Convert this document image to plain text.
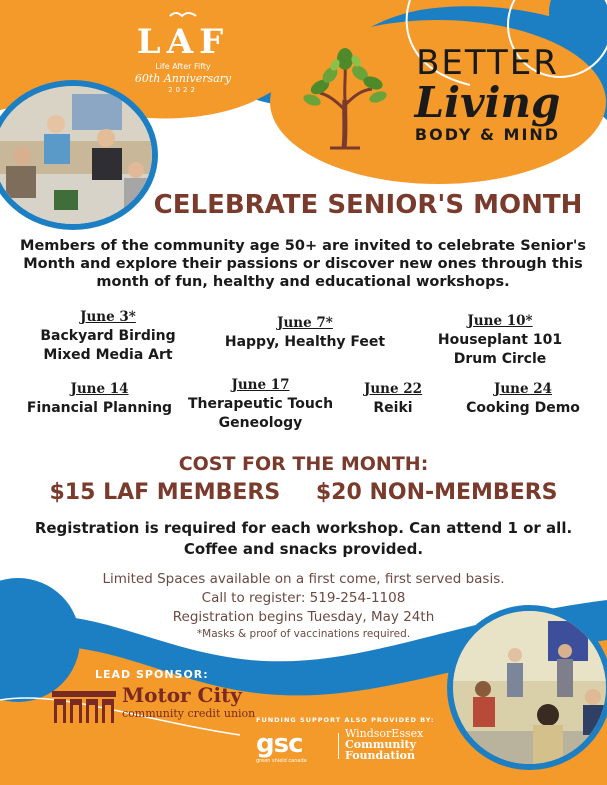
LAF
Life After Fifty
60th Anniversary
2022
BETTER
Living
BODY & MIND
CELEBRATE SENIOR'S MONTH
Members of the community age 50+ are invited to celebrate Senior's Month and explore their passions or discover new ones through this month of fun, healthy and educational workshops.
June 3*
Backyard Birding
Mixed Media Art
June 7*
Happy, Healthy Feet
June 10*
Houseplant 101
Drum Circle
June 14
Financial Planning
June 17
Therapeutic Touch
Geneology
June 22
Reiki
June 24
Cooking Demo
COST FOR THE MONTH:
$15 LAF MEMBERS $20 NON-MEMBERS
Registration is required for each workshop. Can attend 1 or all.
Coffee and snacks provided.
Limited Spaces available on a first come, first served basis.
Call to register: 519-254-1108
Registration begins Tuesday, May 24th
*Masks & proof of vaccinations required.
LEAD SPONSOR:
Motor City
community credit union FUNDING SUPPORT ALSO PROVIDED BY:
gsc
green shield canada
WindsorEssex
Community
Foundation
